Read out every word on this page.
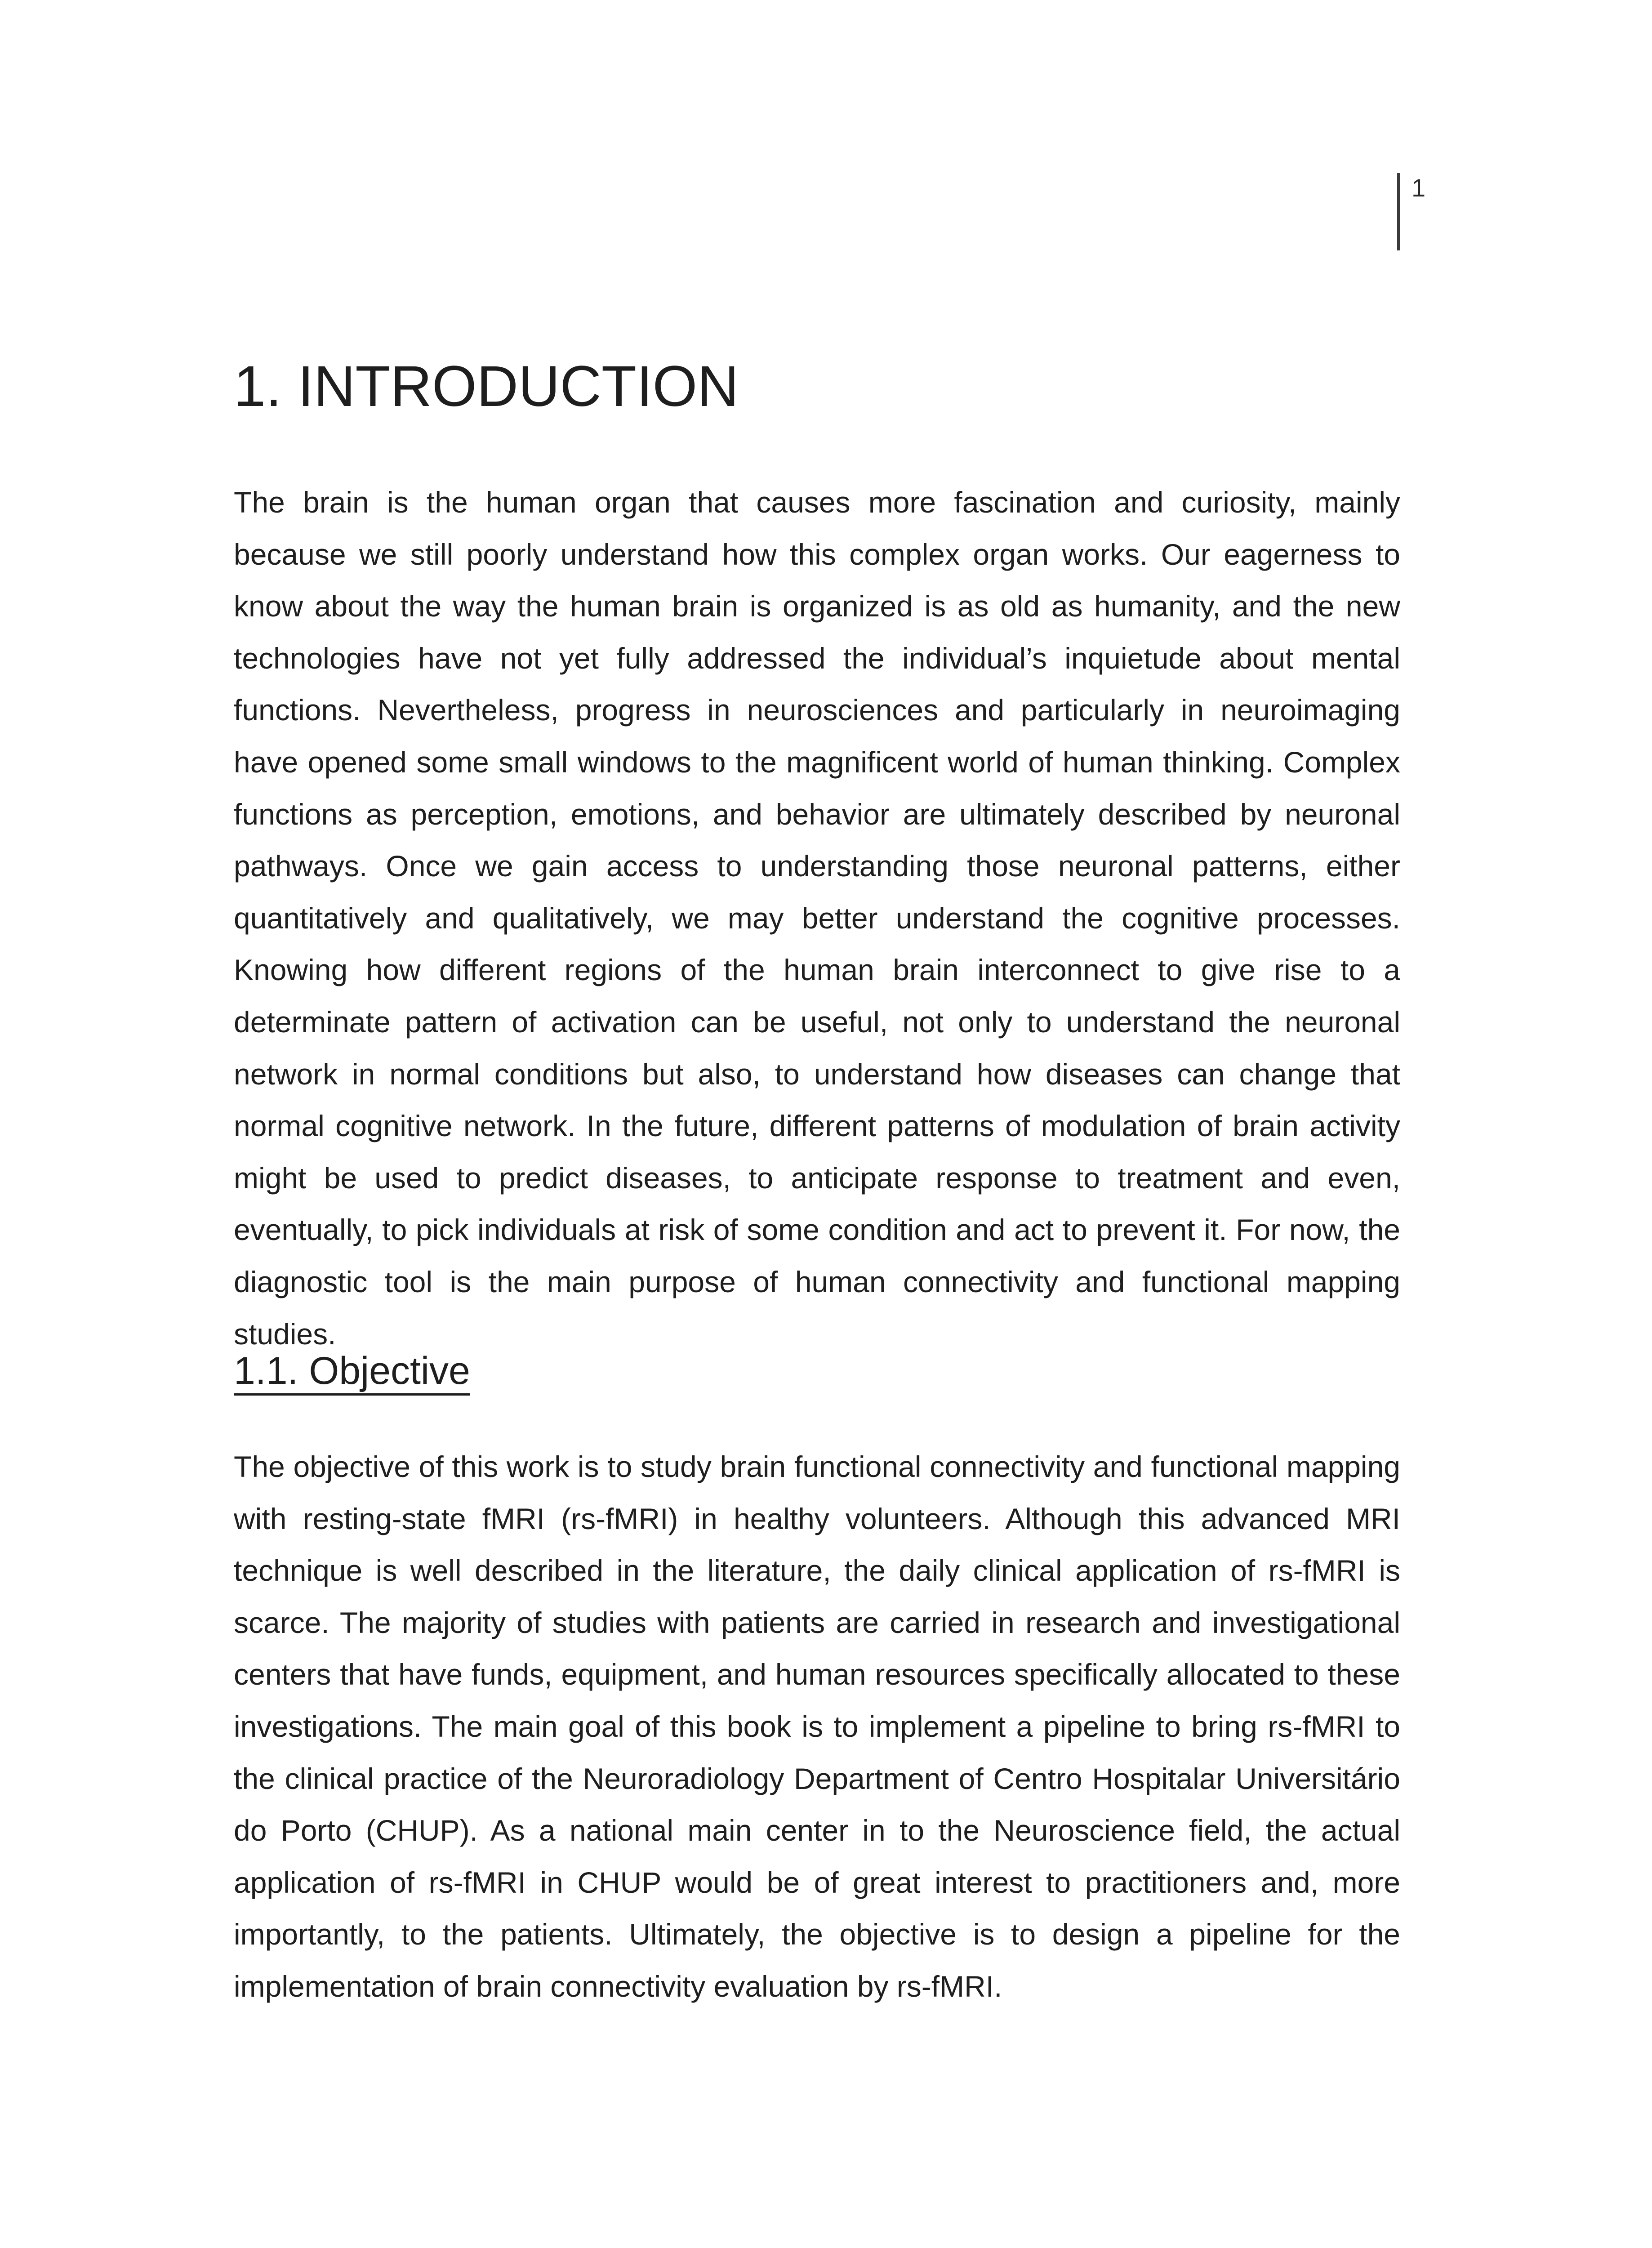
1
1. INTRODUCTION

The brain is the human organ that causes more fascination and curiosity, mainly because we still poorly understand how this complex organ works. Our eagerness to know about the way the human brain is organized is as old as humanity, and the new technologies have not yet fully addressed the individual’s inquietude about mental functions. Nevertheless, progress in neurosciences and particularly in neuroimaging have opened some small windows to the magnificent world of human thinking. Complex functions as perception, emotions, and behavior are ultimately described by neuronal pathways. Once we gain access to understanding those neuronal patterns, either quantitatively and qualitatively, we may better understand the cognitive processes. Knowing how different regions of the human brain interconnect to give rise to a determinate pattern of activation can be useful, not only to understand the neuronal network in normal conditions but also, to understand how diseases can change that normal cognitive network. In the future, different patterns of modulation of brain activity might be used to predict diseases, to anticipate response to treatment and even, eventually, to pick individuals at risk of some condition and act to prevent it. For now, the diagnostic tool is the main purpose of human connectivity and functional mapping studies.

1.1. Objective

The objective of this work is to study brain functional connectivity and functional mapping with resting-state fMRI (rs-fMRI) in healthy volunteers. Although this advanced MRI technique is well described in the literature, the daily clinical application of rs-fMRI is scarce. The majority of studies with patients are carried in research and investigational centers that have funds, equipment, and human resources specifically allocated to these investigations. The main goal of this book is to implement a pipeline to bring rs-fMRI to the clinical practice of the Neuroradiology Department of Centro Hospitalar Universitário do Porto (CHUP). As a national main center in to the Neuroscience field, the actual application of rs-fMRI in CHUP would be of great interest to practitioners and, more importantly, to the patients. Ultimately, the objective is to design a pipeline for the implementation of brain connectivity evaluation by rs-fMRI.
